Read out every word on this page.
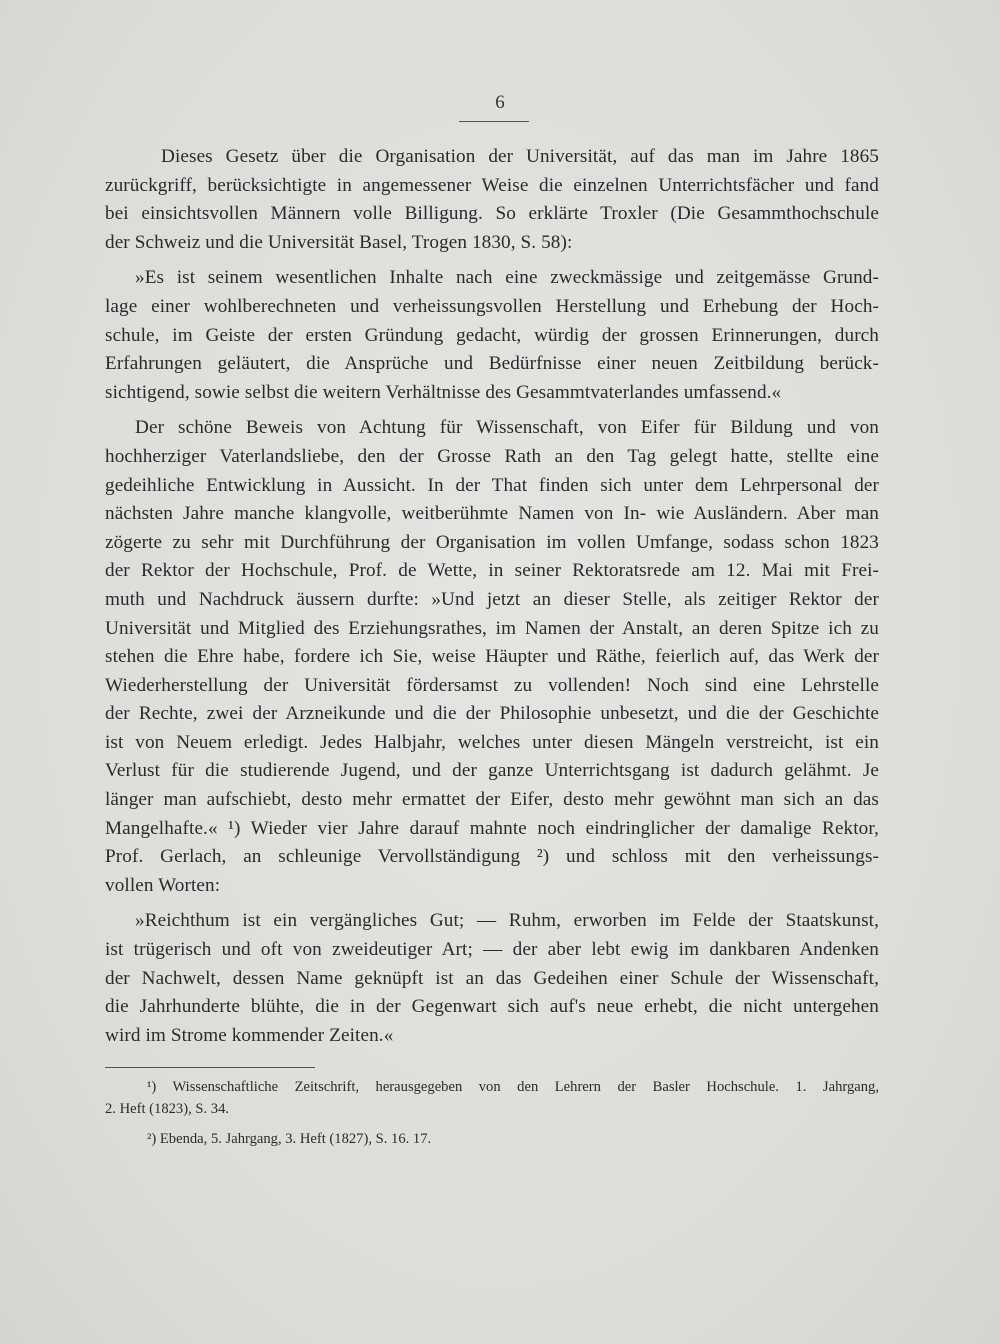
6
Dieses Gesetz über die Organisation der Universität, auf das man im Jahre 1865
zurückgriff, berücksichtigte in angemessener Weise die einzelnen Unterrichtsfächer und fand
bei einsichtsvollen Männern volle Billigung. So erklärte Troxler (Die Gesammthochschule
der Schweiz und die Universität Basel, Trogen 1830, S. 58):
»Es ist seinem wesentlichen Inhalte nach eine zweckmässige und zeitgemässe Grund-
lage einer wohlberechneten und verheissungsvollen Herstellung und Erhebung der Hoch-
schule, im Geiste der ersten Gründung gedacht, würdig der grossen Erinnerungen, durch
Erfahrungen geläutert, die Ansprüche und Bedürfnisse einer neuen Zeitbildung berück-
sichtigend, sowie selbst die weitern Verhältnisse des Gesammtvaterlandes umfassend.«
Der schöne Beweis von Achtung für Wissenschaft, von Eifer für Bildung und von
hochherziger Vaterlandsliebe, den der Grosse Rath an den Tag gelegt hatte, stellte eine
gedeihliche Entwicklung in Aussicht. In der That finden sich unter dem Lehrpersonal der
nächsten Jahre manche klangvolle, weitberühmte Namen von In- wie Ausländern. Aber man
zögerte zu sehr mit Durchführung der Organisation im vollen Umfange, sodass schon 1823
der Rektor der Hochschule, Prof. de Wette, in seiner Rektoratsrede am 12. Mai mit Frei-
muth und Nachdruck äussern durfte: »Und jetzt an dieser Stelle, als zeitiger Rektor der
Universität und Mitglied des Erziehungsrathes, im Namen der Anstalt, an deren Spitze ich zu
stehen die Ehre habe, fordere ich Sie, weise Häupter und Räthe, feierlich auf, das Werk der
Wiederherstellung der Universität fördersamst zu vollenden! Noch sind eine Lehrstelle
der Rechte, zwei der Arzneikunde und die der Philosophie unbesetzt, und die der Geschichte
ist von Neuem erledigt. Jedes Halbjahr, welches unter diesen Mängeln verstreicht, ist ein
Verlust für die studierende Jugend, und der ganze Unterrichtsgang ist dadurch gelähmt. Je
länger man aufschiebt, desto mehr ermattet der Eifer, desto mehr gewöhnt man sich an das
Mangelhafte.« ¹) Wieder vier Jahre darauf mahnte noch eindringlicher der damalige Rektor,
Prof. Gerlach, an schleunige Vervollständigung ²) und schloss mit den verheissungs-
vollen Worten:
»Reichthum ist ein vergängliches Gut; — Ruhm, erworben im Felde der Staatskunst,
ist trügerisch und oft von zweideutiger Art; — der aber lebt ewig im dankbaren Andenken
der Nachwelt, dessen Name geknüpft ist an das Gedeihen einer Schule der Wissenschaft,
die Jahrhunderte blühte, die in der Gegenwart sich auf's neue erhebt, die nicht untergehen
wird im Strome kommender Zeiten.«
¹) Wissenschaftliche Zeitschrift, herausgegeben von den Lehrern der Basler Hochschule. 1. Jahrgang,
2. Heft (1823), S. 34.
²) Ebenda, 5. Jahrgang, 3. Heft (1827), S. 16. 17.
